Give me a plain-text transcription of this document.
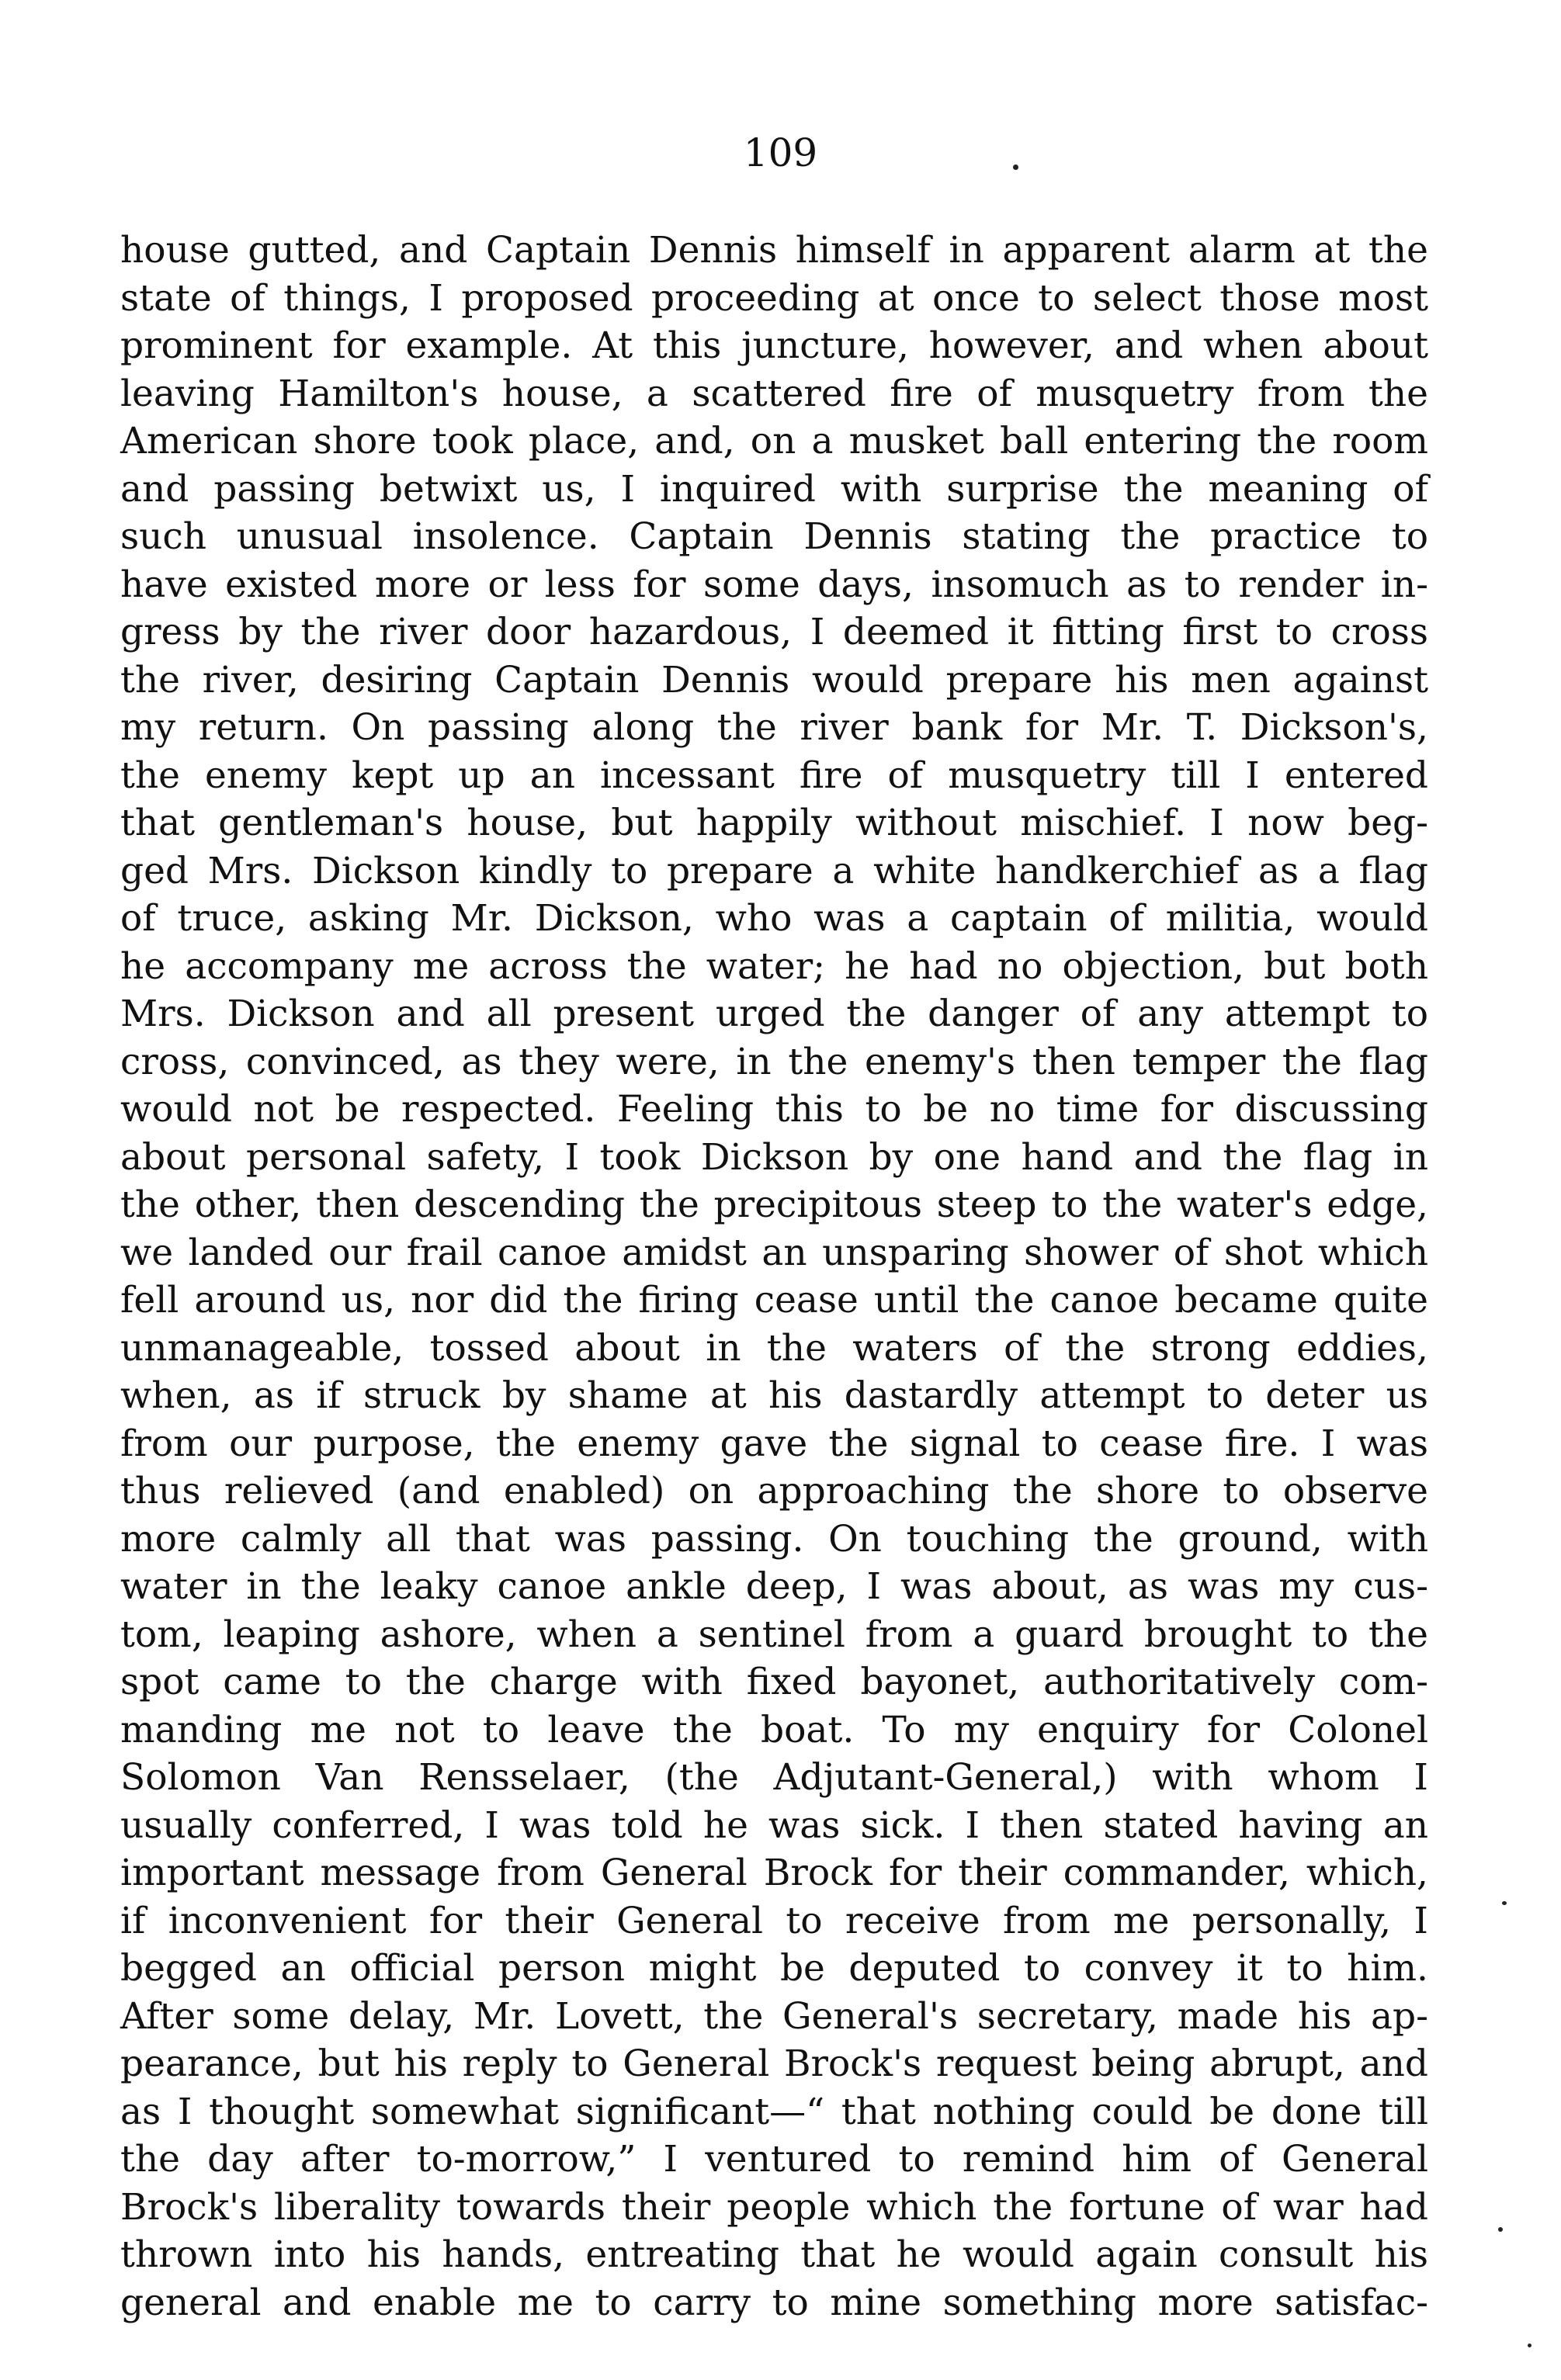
109
house gutted, and Captain Dennis himself in apparent alarm at the
state of things, I proposed proceeding at once to select those most
prominent for example. At this juncture, however, and when about
leaving Hamilton's house, a scattered fire of musquetry from the
American shore took place, and, on a musket ball entering the room
and passing betwixt us, I inquired with surprise the meaning of
such unusual insolence. Captain Dennis stating the practice to
have existed more or less for some days, insomuch as to render in-
gress by the river door hazardous, I deemed it fitting first to cross
the river, desiring Captain Dennis would prepare his men against
my return. On passing along the river bank for Mr. T. Dickson's,
the enemy kept up an incessant fire of musquetry till I entered
that gentleman's house, but happily without mischief. I now beg-
ged Mrs. Dickson kindly to prepare a white handkerchief as a flag
of truce, asking Mr. Dickson, who was a captain of militia, would
he accompany me across the water; he had no objection, but both
Mrs. Dickson and all present urged the danger of any attempt to
cross, convinced, as they were, in the enemy's then temper the flag
would not be respected. Feeling this to be no time for discussing
about personal safety, I took Dickson by one hand and the flag in
the other, then descending the precipitous steep to the water's edge,
we landed our frail canoe amidst an unsparing shower of shot which
fell around us, nor did the firing cease until the canoe became quite
unmanageable, tossed about in the waters of the strong eddies,
when, as if struck by shame at his dastardly attempt to deter us
from our purpose, the enemy gave the signal to cease fire. I was
thus relieved (and enabled) on approaching the shore to observe
more calmly all that was passing. On touching the ground, with
water in the leaky canoe ankle deep, I was about, as was my cus-
tom, leaping ashore, when a sentinel from a guard brought to the
spot came to the charge with fixed bayonet, authoritatively com-
manding me not to leave the boat. To my enquiry for Colonel
Solomon Van Rensselaer, (the Adjutant-General,) with whom I
usually conferred, I was told he was sick. I then stated having an
important message from General Brock for their commander, which,
if inconvenient for their General to receive from me personally, I
begged an official person might be deputed to convey it to him.
After some delay, Mr. Lovett, the General's secretary, made his ap-
pearance, but his reply to General Brock's request being abrupt, and
as I thought somewhat significant—“ that nothing could be done till
the day after to-morrow,” I ventured to remind him of General
Brock's liberality towards their people which the fortune of war had
thrown into his hands, entreating that he would again consult his
general and enable me to carry to mine something more satisfac-
